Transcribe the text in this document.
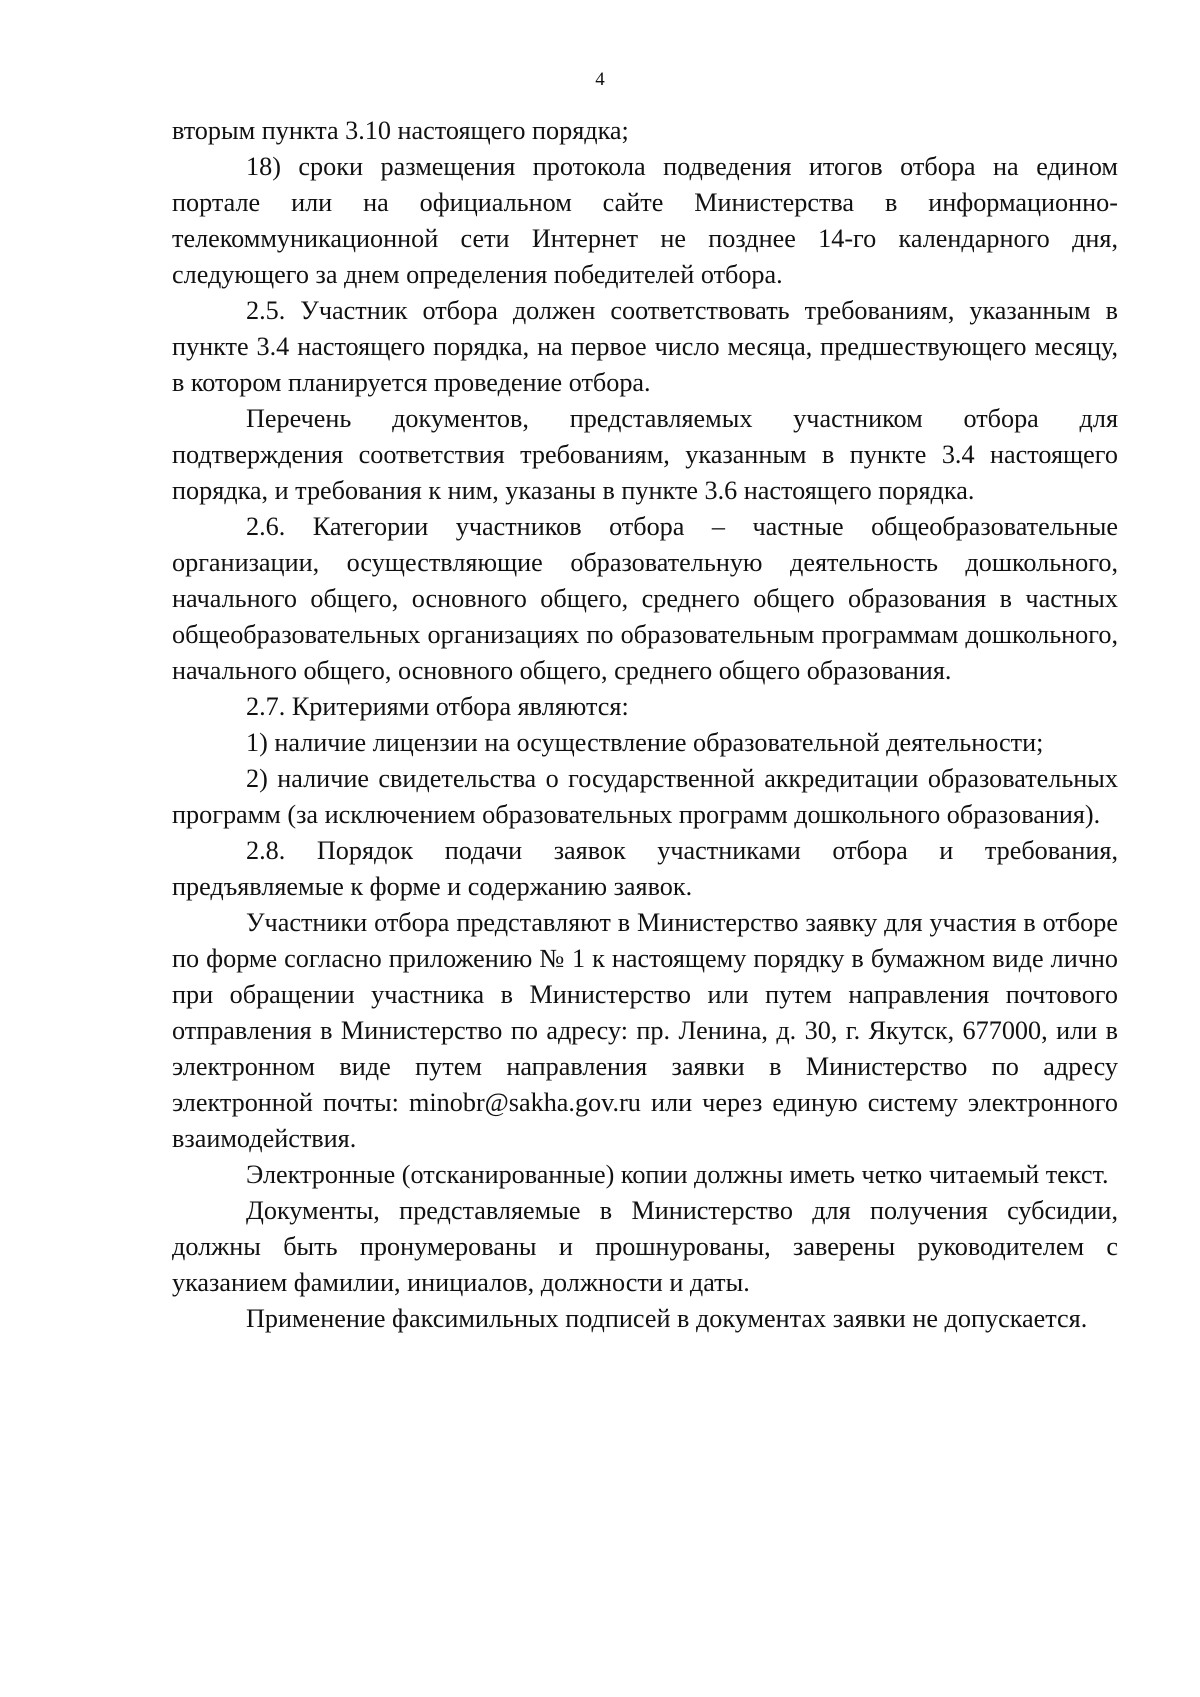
4

вторым пункта 3.10 настоящего порядка;

18) сроки размещения протокола подведения итогов отбора на едином портале или на официальном сайте Министерства в информационно-телекоммуникационной сети Интернет не позднее 14-го календарного дня, следующего за днем определения победителей отбора.

2.5. Участник отбора должен соответствовать требованиям, указанным в пункте 3.4 настоящего порядка, на первое число месяца, предшествующего месяцу, в котором планируется проведение отбора.

Перечень документов, представляемых участником отбора для подтверждения соответствия требованиям, указанным в пункте 3.4 настоящего порядка, и требования к ним, указаны в пункте 3.6 настоящего порядка.

2.6. Категории участников отбора – частные общеобразовательные организации, осуществляющие образовательную деятельность дошкольного, начального общего, основного общего, среднего общего образования в частных общеобразовательных организациях по образовательным программам дошкольного, начального общего, основного общего, среднего общего образования.

2.7. Критериями отбора являются:

1) наличие лицензии на осуществление образовательной деятельности;

2) наличие свидетельства о государственной аккредитации образовательных программ (за исключением образовательных программ дошкольного образования).

2.8. Порядок подачи заявок участниками отбора и требования, предъявляемые к форме и содержанию заявок.

Участники отбора представляют в Министерство заявку для участия в отборе по форме согласно приложению № 1 к настоящему порядку в бумажном виде лично при обращении участника в Министерство или путем направления почтового отправления в Министерство по адресу: пр. Ленина, д. 30, г. Якутск, 677000, или в электронном виде путем направления заявки в Министерство по адресу электронной почты: minobr@sakha.gov.ru или через единую систему электронного взаимодействия.

Электронные (отсканированные) копии должны иметь четко читаемый текст.

Документы, представляемые в Министерство для получения субсидии, должны быть пронумерованы и прошнурованы, заверены руководителем с указанием фамилии, инициалов, должности и даты.

Применение факсимильных подписей в документах заявки не допускается.
